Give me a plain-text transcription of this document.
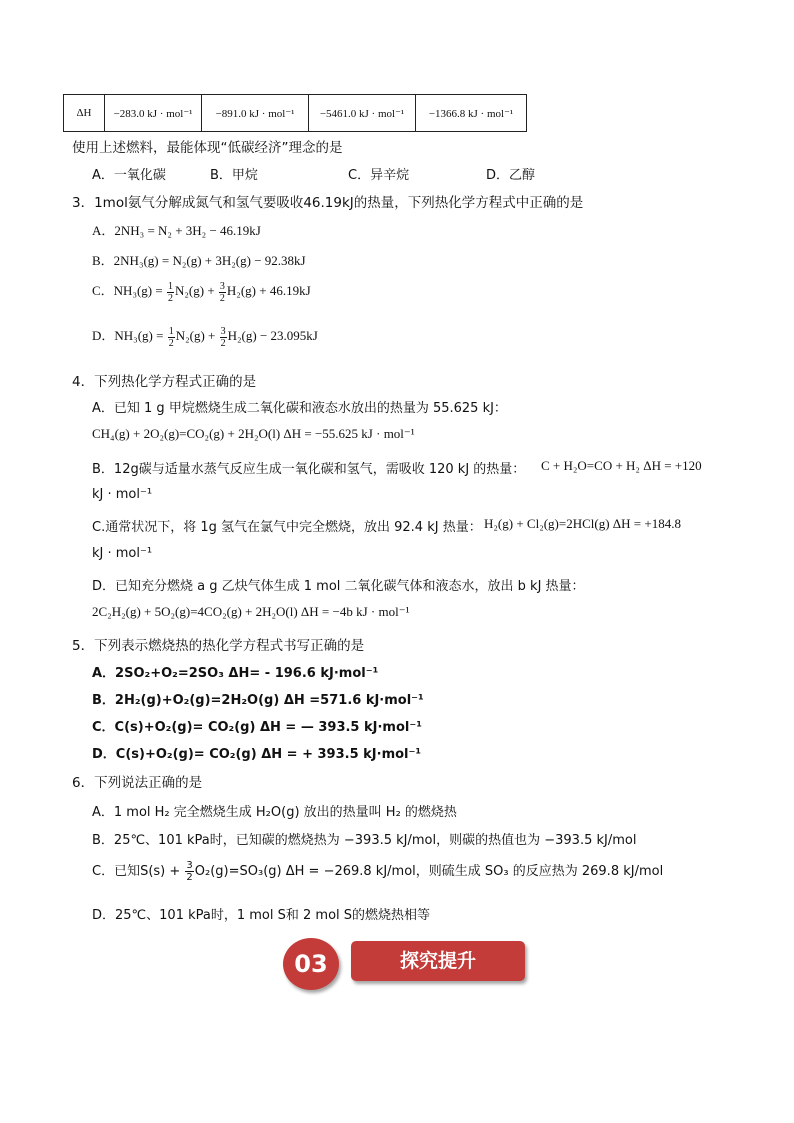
ΔH	−283.0 kJ · mol⁻¹	−891.0 kJ · mol⁻¹	−5461.0 kJ · mol⁻¹	−1366.8 kJ · mol⁻¹
使用上述燃料，最能体现“低碳经济”理念的是
A．一氧化碳	B．甲烷	C．异辛烷	D．乙醇
3．1mol氨气分解成氮气和氢气要吸收46.19kJ的热量，下列热化学方程式中正确的是
A．2NH₃ = N₂ + 3H₂ − 46.19kJ
B．2NH₃(g) = N₂(g) + 3H₂(g) − 92.38kJ
C．$NH_3(g) = \frac{1}{2} N_2(g) + \frac{3}{2} H_2(g) + 46.19kJ$
D．$NH_3(g) = \frac{1}{2} N_2(g) + \frac{3}{2} H_2(g) - 23.095kJ$
4．下列热化学方程式正确的是
A．已知 1 g 甲烷燃烧生成二氧化碳和液态水放出的热量为 55.625 kJ：
CH₄(g) + 2O₂(g)=CO₂(g) + 2H₂O(l) ΔH = −55.625 kJ · mol⁻¹
B．12g碳与适量水蒸气反应生成一氧化碳和氢气，需吸收 120 kJ 的热量： C + H₂O=CO + H₂ ΔH = +120
kJ · mol⁻¹
C.通常状况下，将 1g 氢气在氯气中完全燃烧，放出 92.4 kJ 热量： H₂(g) + Cl₂(g)=2HCl(g) ΔH = +184.8
kJ · mol⁻¹
D．已知充分燃烧 a g 乙炔气体生成 1 mol 二氧化碳气体和液态水，放出 b kJ 热量：
2C₂H₂(g) + 5O₂(g)=4CO₂(g) + 2H₂O(l) ΔH = −4b kJ · mol⁻¹
5．下列表示燃烧热的热化学方程式书写正确的是
A．2SO₂+O₂=2SO₃ ΔH= - 196.6 kJ·mol⁻¹
B．2H₂(g)+O₂(g)=2H₂O(g) ΔH =571.6 kJ·mol⁻¹
C．C(s)+O₂(g)= CO₂(g) ΔH = — 393.5 kJ·mol⁻¹
D．C(s)+O₂(g)= CO₂(g) ΔH = + 393.5 kJ·mol⁻¹
6．下列说法正确的是
A．1 mol H₂ 完全燃烧生成 H₂O(g) 放出的热量叫 H₂ 的燃烧热
B．25℃、101 kPa时，已知碳的燃烧热为 −393.5 kJ/mol，则碳的热值也为 −393.5 kJ/mol
C．已知$S(s) + \frac{3}{2} O_2(g)=SO_3(g) \Delta H = -269.8$ kJ/mol，则硫生成 SO₃ 的反应热为 269.8 kJ/mol
D．25℃、101 kPa时，1 mol S和 2 mol S的燃烧热相等
03	探究提升
